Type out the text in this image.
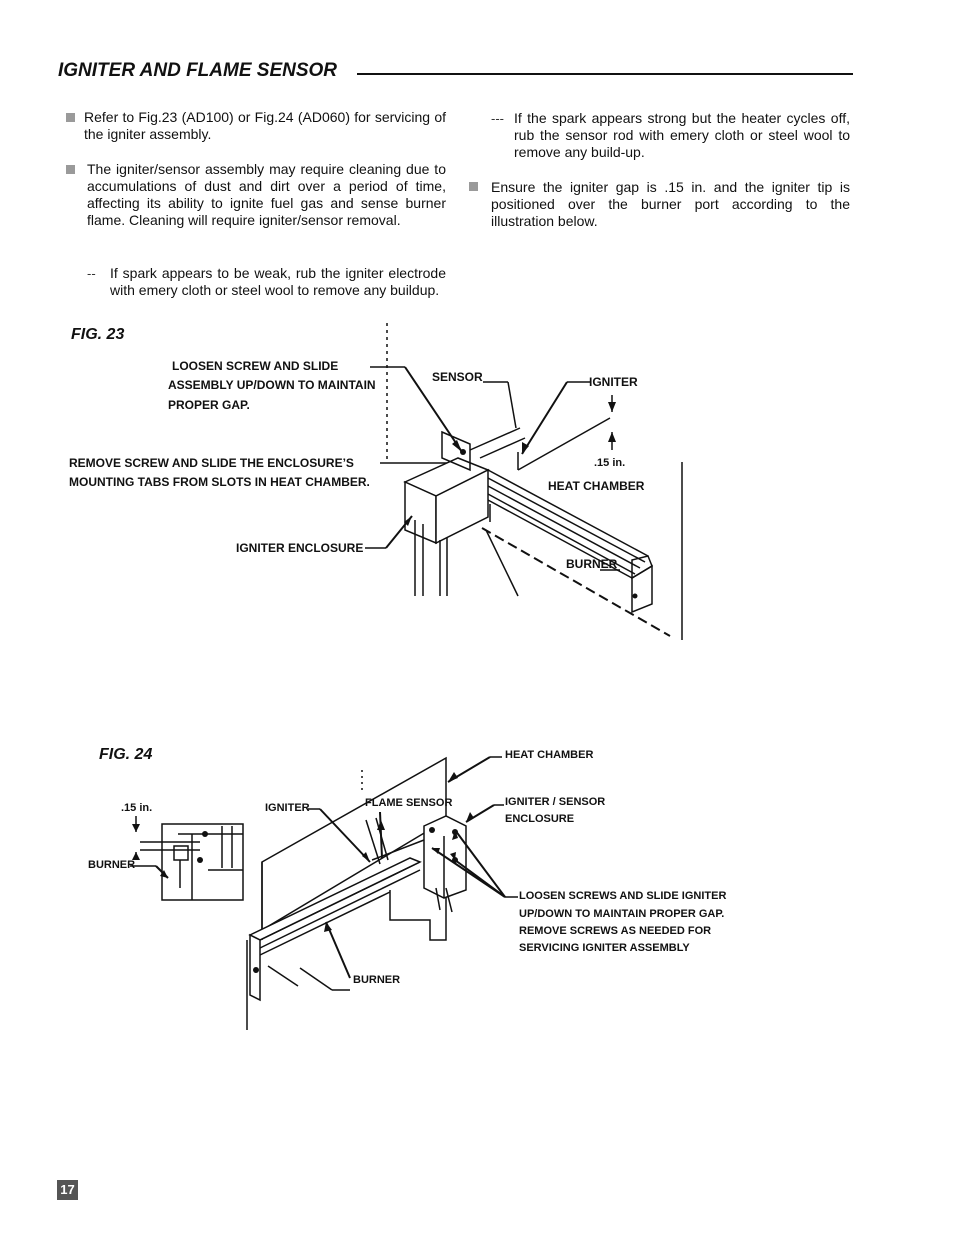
IGNITER AND FLAME SENSOR
Refer to Fig.23 (AD100) or Fig.24 (AD060) for servicing of the igniter assembly.
The igniter/sensor assembly may require cleaning due to accumulations of dust and dirt over a period of time, affecting its ability to ignite fuel gas and sense burner flame. Cleaning will require igniter/sensor removal.
-- If spark appears to be weak, rub the igniter electrode with emery cloth or steel wool to remove any buildup.
--- If the spark appears strong but the heater cycles off, rub the sensor rod with emery cloth or steel wool to remove any build-up.
Ensure the igniter gap is .15 in. and the igniter tip is positioned over the burner port according to the illustration below.
FIG. 23
LOOSEN SCREW AND SLIDE
ASSEMBLY UP/DOWN TO MAINTAIN
PROPER GAP.
REMOVE SCREW AND SLIDE THE ENCLOSURE’S
MOUNTING TABS FROM SLOTS IN HEAT CHAMBER.
IGNITER ENCLOSURE
SENSOR	IGNITER
.15 in.
HEAT CHAMBER
BURNER
FIG. 24	HEAT CHAMBER
.15 in.	IGNITER	FLAME SENSOR	IGNITER / SENSOR
ENCLOSURE
BURNER
LOOSEN SCREWS AND SLIDE IGNITER
UP/DOWN TO MAINTAIN PROPER GAP.
REMOVE SCREWS AS NEEDED FOR
SERVICING IGNITER ASSEMBLY
BURNER
17
